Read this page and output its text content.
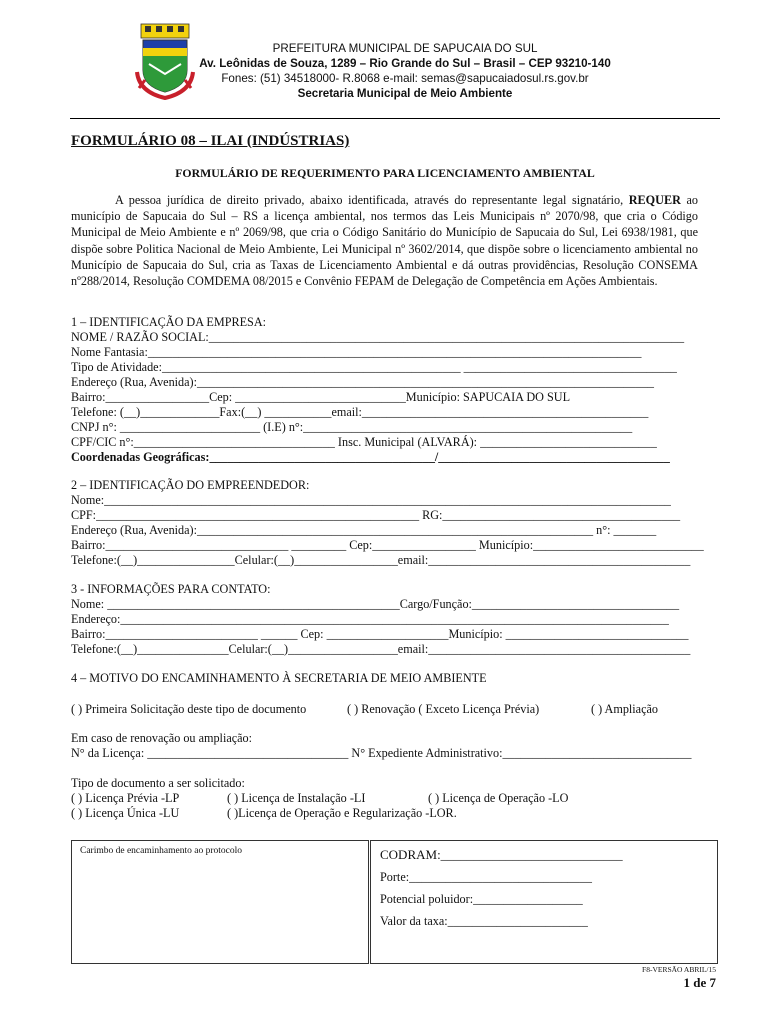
PREFEITURA MUNICIPAL DE SAPUCAIA DO SUL
Av. Leônidas de Souza, 1289 – Rio Grande do Sul – Brasil – CEP 93210-140
Fones: (51) 34518000- R.8068 e-mail: semas@sapucaiadosul.rs.gov.br
Secretaria Municipal de Meio Ambiente
FORMULÁRIO 08 – ILAI (INDÚSTRIAS)
FORMULÁRIO DE REQUERIMENTO PARA LICENCIAMENTO AMBIENTAL
A pessoa jurídica de direito privado, abaixo identificada, através do representante legal signatário, REQUER ao município de Sapucaia do Sul – RS a licença ambiental, nos termos das Leis Municipais nº 2070/98, que cria o Código Municipal de Meio Ambiente e nº 2069/98, que cria o Código Sanitário do Município de Sapucaia do Sul, Lei 6938/1981, que dispõe sobre Politica Nacional de Meio Ambiente, Lei Municipal nº 3602/2014, que dispõe sobre o licenciamento ambiental no Município de Sapucaia do Sul, cria as Taxas de Licenciamento Ambiental e dá outras providências, Resolução CONSEMA nº288/2014, Resolução COMDEMA 08/2015 e Convênio FEPAM de Delegação de Competência em Ações Ambientais.
1 – IDENTIFICAÇÃO DA EMPRESA:
NOME / RAZÃO SOCIAL:______________________________________________________________________________
Nome Fantasia:_________________________________________________________________________________
Tipo de Atividade:_________________________________________________ ___________________________________
Endereço (Rua, Avenida):___________________________________________________________________________
Bairro:_________________Cep: ____________________________Município: SAPUCAIA DO SUL
Telefone: (__)_____________Fax:(__) ___________email:_______________________________________________
CNPJ n°: _______________________ (I.E) n°:______________________________________________________
CPF/CIC n°:_________________________________ Insc. Municipal (ALVARÁ): _____________________________
Coordenadas Geográficas:_____________________________________/______________________________________
2 – IDENTIFICAÇÃO DO EMPREENDEDOR:
Nome:_____________________________________________________________________________________________
CPF:_____________________________________________________ RG:_______________________________________
Endereço (Rua, Avenida):_________________________________________________________________ n°: _______
Bairro:______________________________ _________ Cep:_________________ Município:____________________________
Telefone:(__)________________Celular:(__)_________________email:___________________________________________
3 - INFORMAÇÕES PARA CONTATO:
Nome: ________________________________________________Cargo/Função:__________________________________
Endereço:__________________________________________________________________________________________
Bairro:_________________________ ______ Cep: ____________________Município: ______________________________
Telefone:(__)_______________Celular:(__)__________________email:___________________________________________
4 – MOTIVO DO ENCAMINHAMENTO À SECRETARIA DE MEIO AMBIENTE
( ) Primeira Solicitação deste tipo de documento	( ) Renovação ( Exceto Licença Prévia)	( ) Ampliação
Em caso de renovação ou ampliação:
N° da Licença: _________________________________ N° Expediente Administrativo:_______________________________
Tipo de documento a ser solicitado:
( ) Licença Prévia -LP	( ) Licença de Instalação -LI	( ) Licença de Operação -LO
( ) Licença Única -LU	( )Licença de Operação e Regularização -LOR.
Carimbo de encaminhamento ao protocolo	CODRAM:____________________________
Porte:______________________________
Potencial poluidor:__________________
Valor da taxa:_______________________
F8-VERSÃO ABRIL/15
1 de 7
